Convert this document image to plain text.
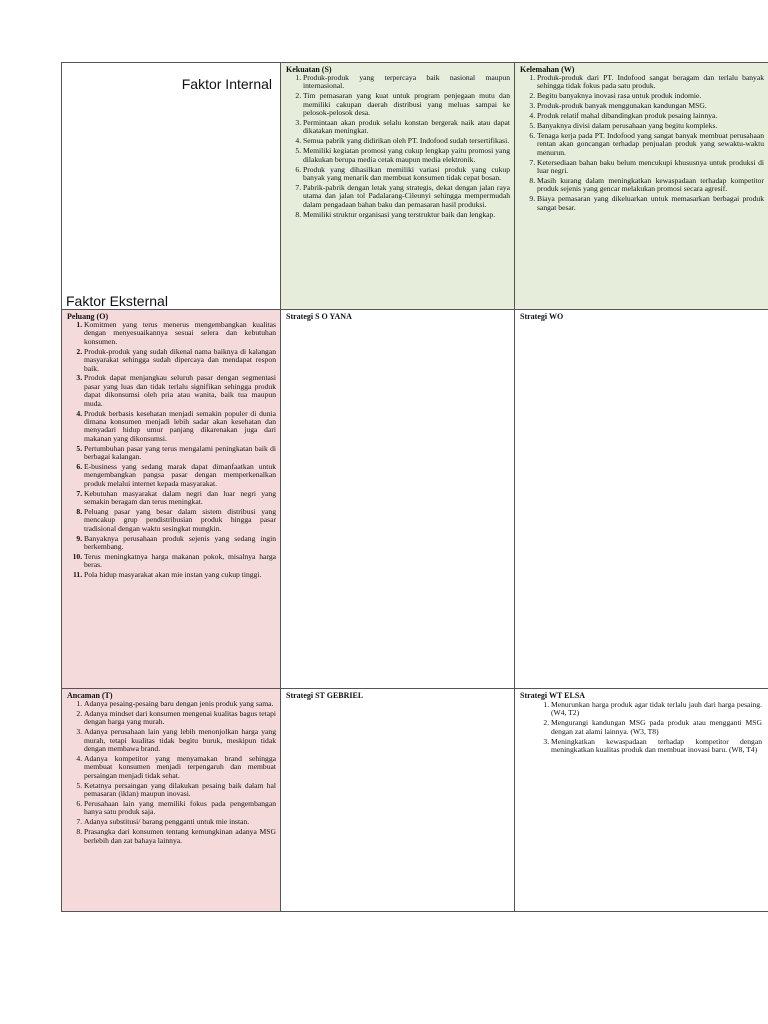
Faktor Internal
Faktor Eksternal
Kekuatan (S)
1. Produk-produk yang terpercaya baik nasional maupun internasional.
2. Tim pemasaran yang kuat untuk program penjegaan mutu dan memiliki cakupan daerah distribusi yang meluas sampai ke pelosok-pelosok desa.
3. Permintaan akan produk selalu konstan bergerak naik atau dapat dikatakan meningkat.
4. Semua pabrik yang didirikan oleh PT. Indofood sudah tersertifikasi.
5. Memiliki kegiatan promosi yang cukup lengkap yaitu promosi yang dilakukan berupa media cetak maupun media elektronik.
6. Produk yang dihasilkan memiliki variasi produk yang cukup banyak yang menarik dan membuat konsumen tidak cepat bosan.
7. Pabrik-pabrik dengan letak yang strategis, dekat dengan jalan raya utama dan jalan tol Padalarang-Cileunyi sehingga mempermudah dalam pengadaan bahan baku dan pemasaran hasil produksi.
8. Memiliki struktur organisasi yang terstruktur baik dan lengkap.
Kelemahan (W)
1. Produk-produk dari PT. Indofood sangat beragam dan terlalu banyak sehingga tidak fokus pada satu produk.
2. Begitu banyaknya inovasi rasa untuk produk indomie.
3. Produk-produk banyak menggunakan kandungan MSG.
4. Produk relatif mahal dibandingkan produk pesaing lainnya.
5. Banyaknya divisi dalam perusahaan yang begitu kompleks.
6. Tenaga kerja pada PT. Indofood yang sangat banyak membuat perusahaan rentan akan goncangan terhadap penjualan produk yang sewaktu-waktu menurun.
7. Ketersediaan bahan baku belum mencukupi khususnya untuk produksi di luar negri.
8. Masih kurang dalam meningkatkan kewaspadaan terhadap kompetitor produk sejenis yang gencar melakukan promosi secara agresif.
9. Biaya pemasaran yang dikeluarkan untuk memasarkan berbagai produk sangat besar.
Peluang (O)
1. Komitmen yang terus menerus mengembangkan kualitas dengan menyesuaikannya sesuai selera dan kebutuhan konsumen.
2. Produk-produk yang sudah dikenal nama baiknya di kalangan masyarakat sehingga sudah dipercaya dan mendapat respon baik.
3. Produk dapat menjangkau seluruh pasar dengan segmentasi pasar yang luas dan tidak terlalu signifikan sehingga produk dapat dikonsumsi oleh pria atau wanita, baik tua maupun muda.
4. Produk berbasis kesehatan menjadi semakin populer di dunia dimana konsumen menjadi lebih sadar akan kesehatan dan menyadari hidup umur panjang dikarenakan juga dari makanan yang dikonsumsi.
5. Pertumbuhan pasar yang terus mengalami peningkatan baik di berbagai kalangan.
6. E-business yang sedang marak dapat dimanfaatkan untuk mengembangkan pangsa pasar dengan memperkenalkan produk melalui internet kepada masyarakat.
7. Kebutuhan masyarakat dalam negri dan luar negri yang semakin beragam dan terus meningkat.
8. Peluang pasar yang besar dalam sistem distribusi yang mencakup grup pendistribusian produk hingga pasar tradisional dengan waktu sesingkat mungkin.
9. Banyaknya perusahaan produk sejenis yang sedang ingin berkembang.
10. Terus meningkatnya harga makanan pokok, misalnya harga beras.
11. Pola hidup masyarakat akan mie instan yang cukup tinggi.
Strategi S O YANA	Strategi WO
Ancaman (T)
1. Adanya pesaing-pesaing baru dengan jenis produk yang sama.
2. Adanya mindset dari konsumen mengenai kualitas bagus tetapi dengan harga yang murah.
3. Adanya perusahaan lain yang lebih menonjolkan harga yang murah, tetapi kualitas tidak begitu buruk, meskipun tidak dengan membawa brand.
4. Adanya kompetitor yang menyamakan brand sehingga membuat konsumen menjadi terpengaruh dan membuat persaingan menjadi tidak sehat.
5. Ketatnya persaingan yang dilakukan pesaing baik dalam hal pemasaran (iklan) maupun inovasi.
6. Perusahaan lain yang memiliki fokus pada pengembangan hanya satu produk saja.
7. Adanya substitusi/ barang pengganti untuk mie instan.
8. Prasangka dari konsumen tentang kemungkinan adanya MSG berlebih dan zat bahaya lainnya.
Strategi ST GEBRIEL	Strategi WT ELSA
1. Menurunkan harga produk agar tidak terlalu jauh dari harga pesaing. (W4, T2)
2. Mengurangi kandungan MSG pada produk atau mengganti MSG dengan zat alami lainnya. (W3, T8)
3. Meningkatkan kewaspadaan terhadap kompetitor dengan meningkatkan kualitas produk dan membuat inovasi baru. (W8, T4)
